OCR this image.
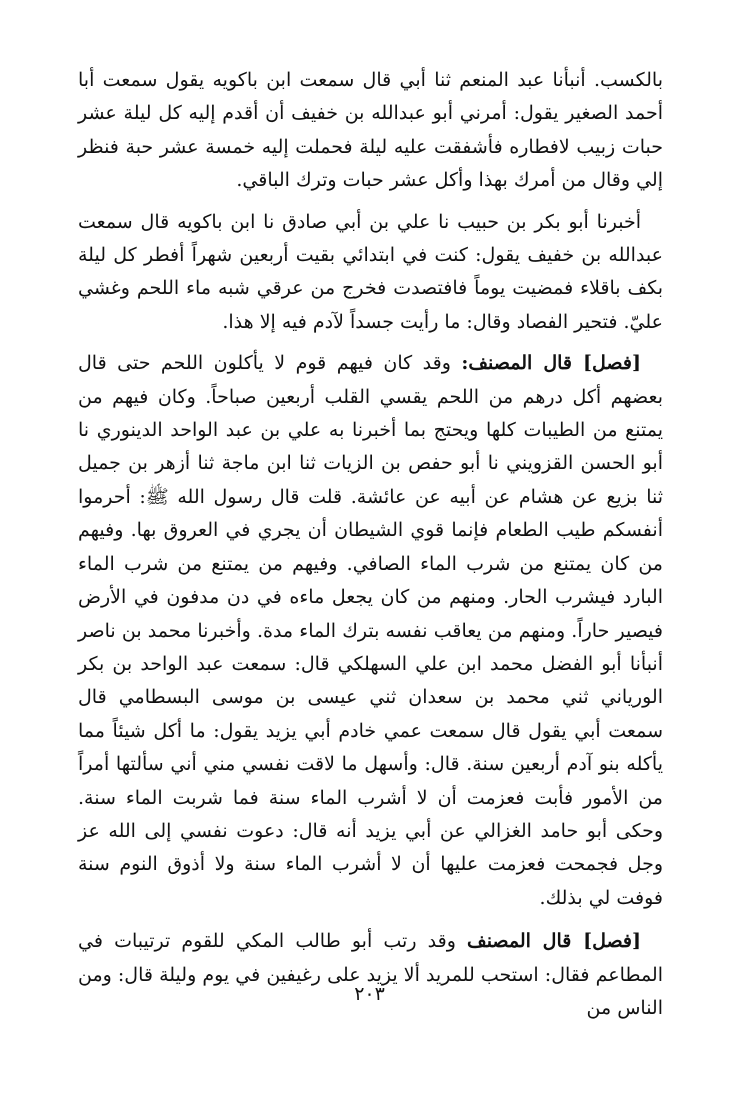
بالكسب. أنبأنا عبد المنعم ثنا أبي قال سمعت ابن باكويه يقول سمعت أبا أحمد الصغير يقول: أمرني أبو عبدالله بن خفيف أن أقدم إليه كل ليلة عشر حبات زبيب لافطاره فأشفقت عليه ليلة فحملت إليه خمسة عشر حبة فنظر إلي وقال من أمرك بهذا وأكل عشر حبات وترك الباقي.

أخبرنا أبو بكر بن حبيب نا علي بن أبي صادق نا ابن باكويه قال سمعت عبدالله بن خفيف يقول: كنت في ابتدائي بقيت أربعين شهراً أفطر كل ليلة بكف باقلاء فمضيت يوماً فافتصدت فخرج من عرقي شبه ماء اللحم وغشي عليّ. فتحير الفصاد وقال: ما رأيت جسداً لآدم فيه إلا هذا.

[فصل] قال المصنف: وقد كان فيهم قوم لا يأكلون اللحم حتى قال بعضهم أكل درهم من اللحم يقسي القلب أربعين صباحاً. وكان فيهم من يمتنع من الطيبات كلها ويحتج بما أخبرنا به علي بن عبد الواحد الدينوري نا أبو الحسن القزويني نا أبو حفص بن الزيات ثنا ابن ماجة ثنا أزهر بن جميل ثنا بزيع عن هشام عن أبيه عن عائشة. قلت قال رسول الله ﷺ: أحرموا أنفسكم طيب الطعام فإنما قوي الشيطان أن يجري في العروق بها. وفيهم من كان يمتنع من شرب الماء الصافي. وفيهم من يمتنع من شرب الماء البارد فيشرب الحار. ومنهم من كان يجعل ماءه في دن مدفون في الأرض فيصير حاراً. ومنهم من يعاقب نفسه بترك الماء مدة. وأخبرنا محمد بن ناصر أنبأنا أبو الفضل محمد ابن علي السهلكي قال: سمعت عبد الواحد بن بكر الورياني ثني محمد بن سعدان ثني عيسى بن موسى البسطامي قال سمعت أبي يقول قال سمعت عمي خادم أبي يزيد يقول: ما أكل شيئاً مما يأكله بنو آدم أربعين سنة. قال: وأسهل ما لاقت نفسي مني أني سألتها أمراً من الأمور فأبت فعزمت أن لا أشرب الماء سنة فما شربت الماء سنة. وحكى أبو حامد الغزالي عن أبي يزيد أنه قال: دعوت نفسي إلى الله عز وجل فجمحت فعزمت عليها أن لا أشرب الماء سنة ولا أذوق النوم سنة فوفت لي بذلك.

[فصل] قال المصنف وقد رتب أبو طالب المكي للقوم ترتيبات في المطاعم فقال: استحب للمريد ألا يزيد على رغيفين في يوم وليلة قال: ومن الناس من

٢٠٣
